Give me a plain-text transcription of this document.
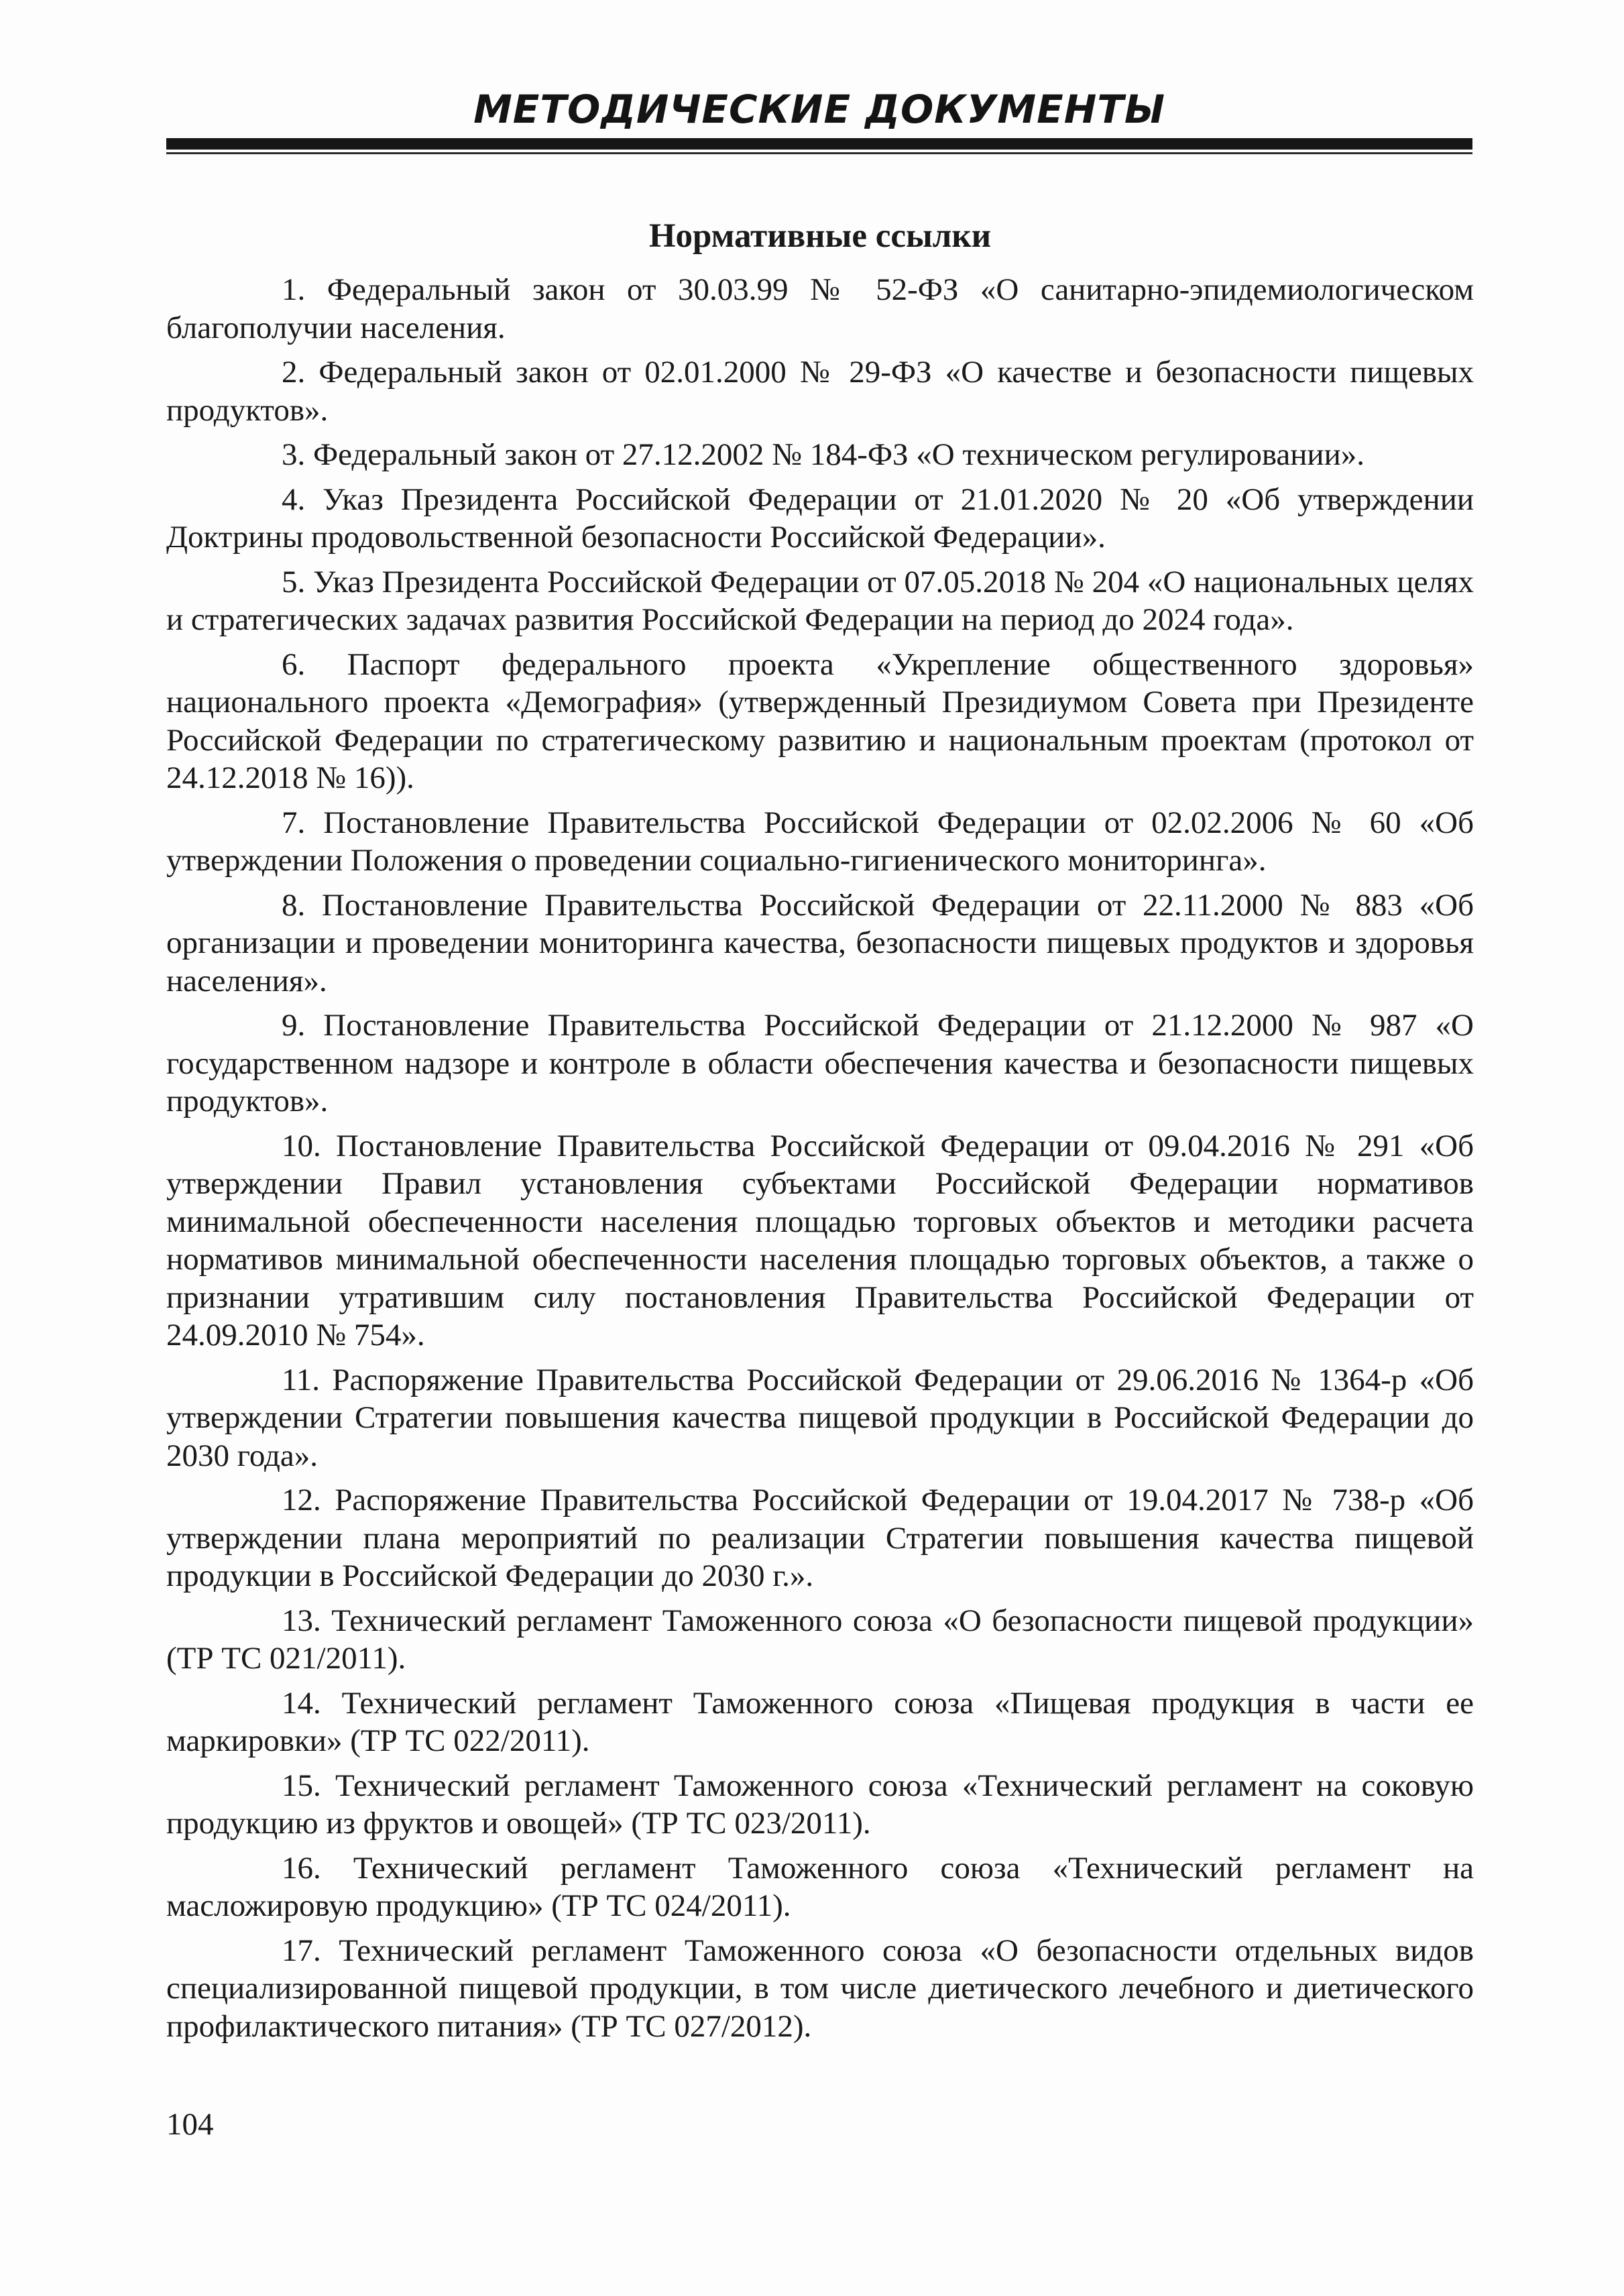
МЕТОДИЧЕСКИЕ ДОКУМЕНТЫ
Нормативные ссылки

1. Федеральный закон от 30.03.99 № 52-ФЗ «О санитарно-эпидемиологическом благополучии населения.

2. Федеральный закон от 02.01.2000 № 29-ФЗ «О качестве и безопасности пищевых продуктов».

3. Федеральный закон от 27.12.2002 № 184-ФЗ «О техническом регулировании».

4. Указ Президента Российской Федерации от 21.01.2020 № 20 «Об утверждении Доктрины продовольственной безопасности Российской Федерации».

5. Указ Президента Российской Федерации от 07.05.2018 № 204 «О национальных целях и стратегических задачах развития Российской Федерации на период до 2024 года».

6. Паспорт федерального проекта «Укрепление общественного здоровья» национального проекта «Демография» (утвержденный Президиумом Совета при Президенте Российской Федерации по стратегическому развитию и национальным проектам (протокол от 24.12.2018 № 16)).

7. Постановление Правительства Российской Федерации от 02.02.2006 № 60 «Об утверждении Положения о проведении социально-гигиенического мониторинга».

8. Постановление Правительства Российской Федерации от 22.11.2000 № 883 «Об организации и проведении мониторинга качества, безопасности пищевых продуктов и здоровья населения».

9. Постановление Правительства Российской Федерации от 21.12.2000 № 987 «О государственном надзоре и контроле в области обеспечения качества и безопасности пищевых продуктов».

10. Постановление Правительства Российской Федерации от 09.04.2016 № 291 «Об утверждении Правил установления субъектами Российской Федерации нормативов минимальной обеспеченности населения площадью торговых объектов и методики расчета нормативов минимальной обеспеченности населения площадью торговых объектов, а также о признании утратившим силу постановления Правительства Российской Федерации от 24.09.2010 № 754».

11. Распоряжение Правительства Российской Федерации от 29.06.2016 № 1364-р «Об утверждении Стратегии повышения качества пищевой продукции в Российской Федерации до 2030 года».

12. Распоряжение Правительства Российской Федерации от 19.04.2017 № 738-р «Об утверждении плана мероприятий по реализации Стратегии повышения качества пищевой продукции в Российской Федерации до 2030 г.».

13. Технический регламент Таможенного союза «О безопасности пищевой продукции» (ТР ТС 021/2011).

14. Технический регламент Таможенного союза «Пищевая продукция в части ее маркировки» (ТР ТС 022/2011).

15. Технический регламент Таможенного союза «Технический регламент на соковую продукцию из фруктов и овощей» (ТР ТС 023/2011).

16. Технический регламент Таможенного союза «Технический регламент на масложировую продукцию» (ТР ТС 024/2011).

17. Технический регламент Таможенного союза «О безопасности отдельных видов специализированной пищевой продукции, в том числе диетического лечебного и диетического профилактического питания» (ТР ТС 027/2012).

104
